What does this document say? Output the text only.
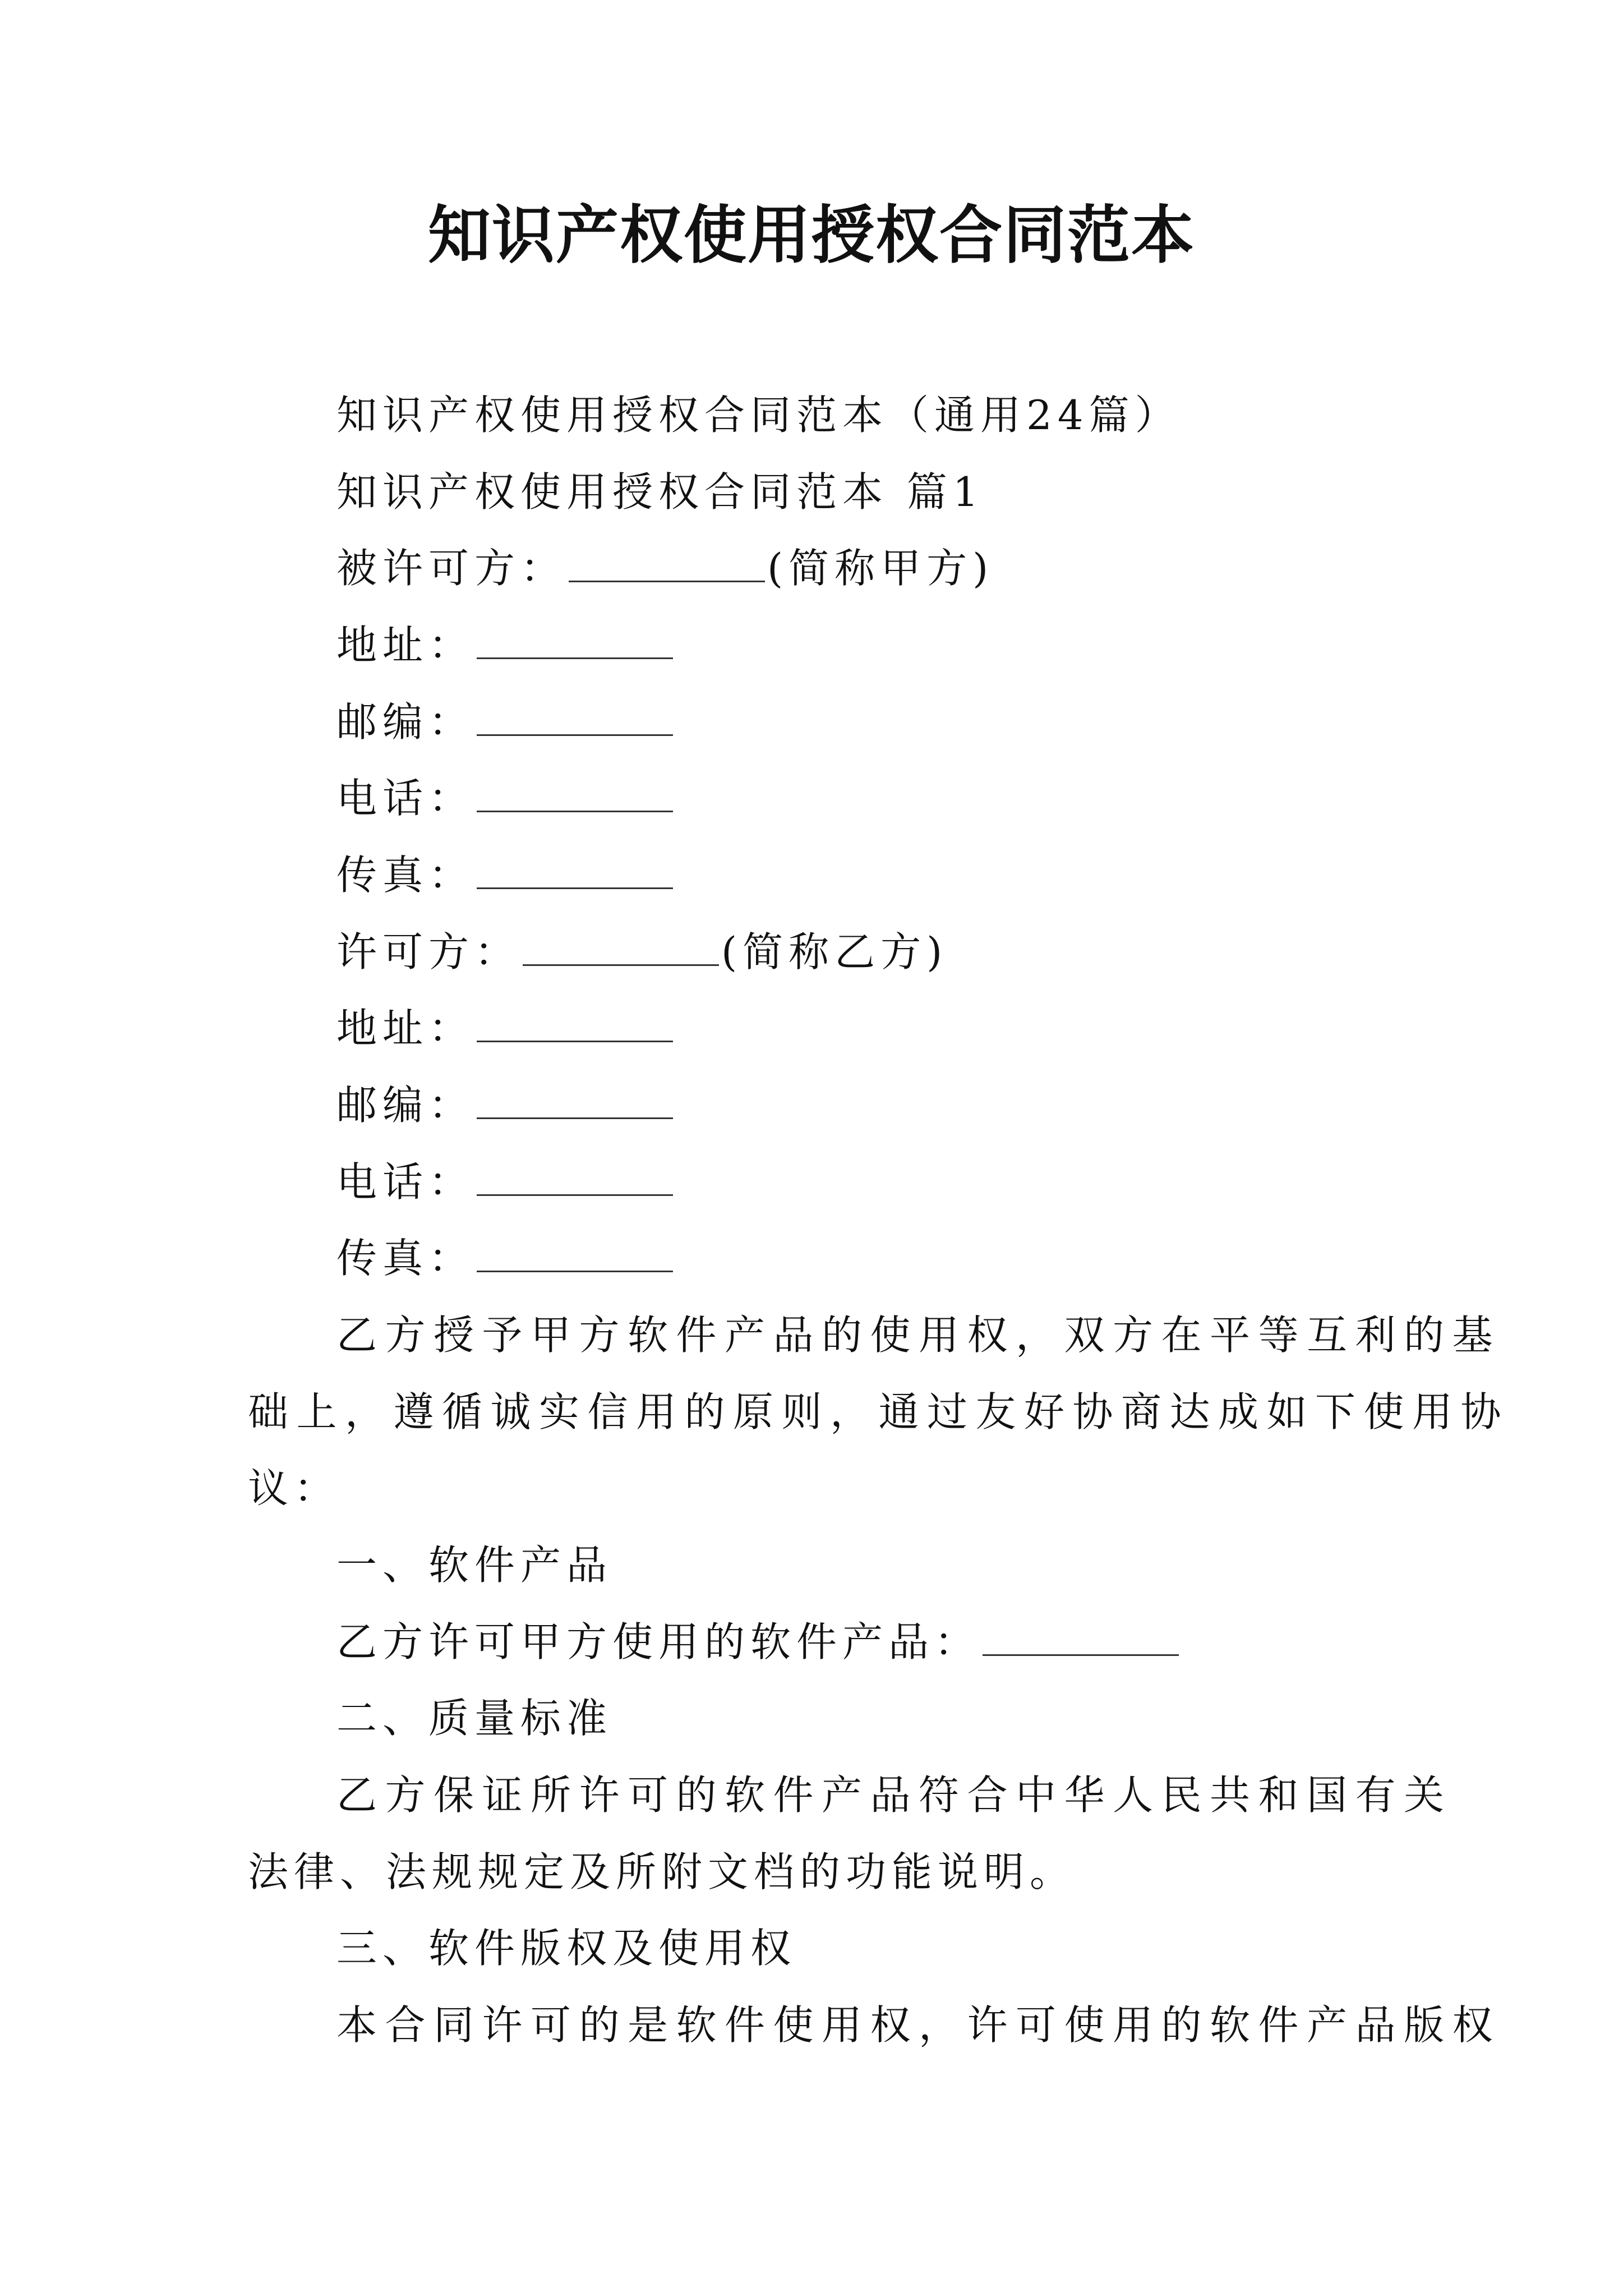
知识产权使用授权合同范本
知识产权使用授权合同范本（通用24篇）
知识产权使用授权合同范本 篇1
被许可方：	(简称甲方)
地址：
邮编：
电话：
传真：
许可方：	(简称乙方)
地址：
邮编：
电话：
传真：
乙方授予甲方软件产品的使用权，双方在平等互利的基
础上，遵循诚实信用的原则，通过友好协商达成如下使用协
议：
一、软件产品
乙方许可甲方使用的软件产品：
二、质量标准
乙方保证所许可的软件产品符合中华人民共和国有关
法律、法规规定及所附文档的功能说明。
三、软件版权及使用权
本合同许可的是软件使用权，许可使用的软件产品版权
